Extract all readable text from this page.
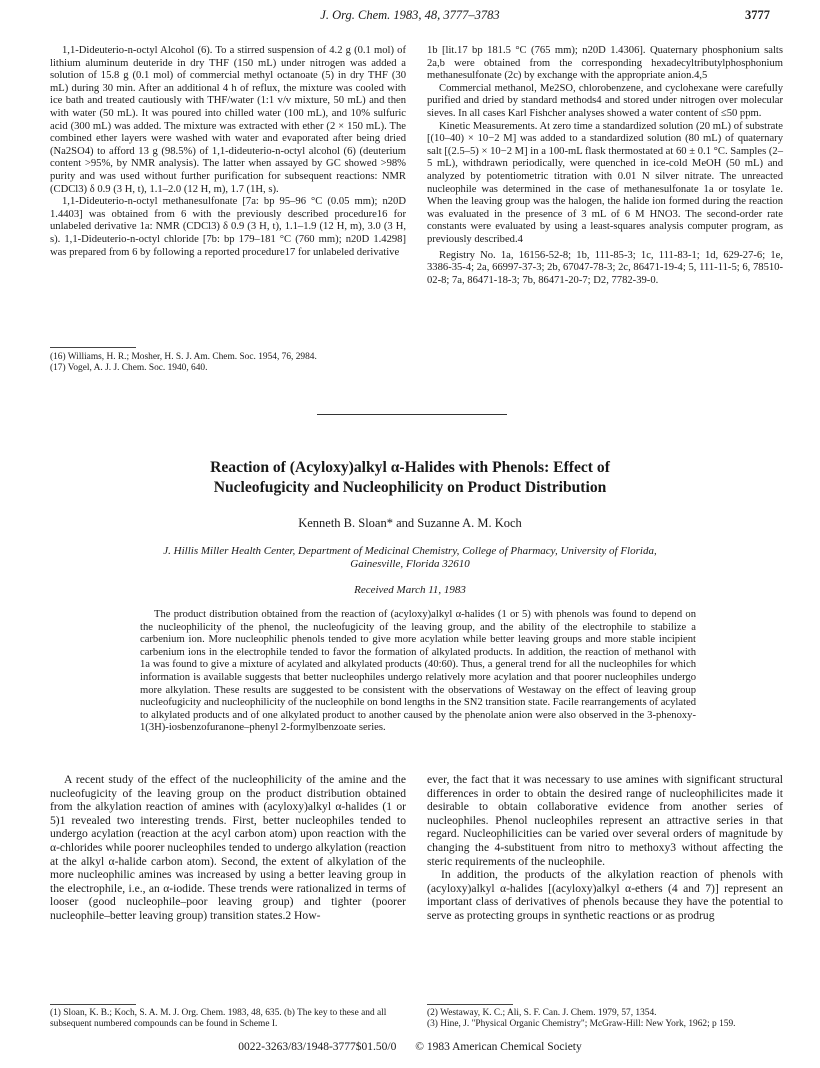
J. Org. Chem. 1983, 48, 3777–3783	3777

1,1-Dideuterio-n-octyl Alcohol (6). To a stirred suspension of 4.2 g (0.1 mol) of lithium aluminum deuteride in dry THF (150 mL) under nitrogen was added a solution of 15.8 g (0.1 mol) of commercial methyl octanoate (5) in dry THF (30 mL) during 30 min. After an additional 4 h of reflux, the mixture was cooled with ice bath and treated cautiously with THF/water (1:1 v/v mixture, 50 mL) and then with water (50 mL). It was poured into chilled water (100 mL), and 10% sulfuric acid (300 mL) was added. The mixture was extracted with ether (2 × 150 mL). The combined ether layers were washed with water and evaporated after being dried (Na2SO4) to afford 13 g (98.5%) of 1,1-dideuterio-n-octyl alcohol (6) (deuterium content >95%, by NMR analysis). The latter when assayed by GC showed >98% purity and was used without further purification for subsequent reactions: NMR (CDCl3) δ 0.9 (3 H, t), 1.1–2.0 (12 H, m), 1.7 (1H, s).

1,1-Dideuterio-n-octyl methanesulfonate [7a: bp 95–96 °C (0.05 mm); n20D 1.4403] was obtained from 6 with the previously described procedure16 for unlabeled derivative 1a: NMR (CDCl3) δ 0.9 (3 H, t), 1.1–1.9 (12 H, m), 3.0 (3 H, s). 1,1-Dideuterio-n-octyl chloride [7b: bp 179–181 °C (760 mm); n20D 1.4298] was prepared from 6 by following a reported procedure17 for unlabeled derivative

(16) Williams, H. R.; Mosher, H. S. J. Am. Chem. Soc. 1954, 76, 2984.
(17) Vogel, A. J. J. Chem. Soc. 1940, 640.

1b [lit.17 bp 181.5 °C (765 mm); n20D 1.4306]. Quaternary phosphonium salts 2a,b were obtained from the corresponding hexadecyltributylphosphonium methanesulfonate (2c) by exchange with the appropriate anion.4,5

Commercial methanol, Me2SO, chlorobenzene, and cyclohexane were carefully purified and dried by standard methods4 and stored under nitrogen over molecular sieves. In all cases Karl Fishcher analyses showed a water content of ≤50 ppm.

Kinetic Measurements. At zero time a standardized solution (20 mL) of substrate [(10–40) × 10−2 M] was added to a standardized solution (80 mL) of quaternary salt [(2.5–5) × 10−2 M] in a 100-mL flask thermostated at 60 ± 0.1 °C. Samples (2–5 mL), withdrawn periodically, were quenched in ice-cold MeOH (50 mL) and analyzed by potentiometric titration with 0.01 N silver nitrate. The unreacted nucleophile was determined in the case of methanesulfonate 1a or tosylate 1e. When the leaving group was the halogen, the halide ion formed during the reaction was evaluated in the presence of 3 mL of 6 M HNO3. The second-order rate constants were evaluated by using a least-squares analysis computer program, as previously described.4

Registry No. 1a, 16156-52-8; 1b, 111-85-3; 1c, 111-83-1; 1d, 629-27-6; 1e, 3386-35-4; 2a, 66997-37-3; 2b, 67047-78-3; 2c, 86471-19-4; 5, 111-11-5; 6, 78510-02-8; 7a, 86471-18-3; 7b, 86471-20-7; D2, 7782-39-0.

Reaction of (Acyloxy)alkyl α-Halides with Phenols: Effect of
Nucleofugicity and Nucleophilicity on Product Distribution
Kenneth B. Sloan* and Suzanne A. M. Koch
J. Hillis Miller Health Center, Department of Medicinal Chemistry, College of Pharmacy, University of Florida,
Gainesville, Florida 32610
Received March 11, 1983
The product distribution obtained from the reaction of (acyloxy)alkyl α-halides (1 or 5) with phenols was found to depend on the nucleophilicity of the phenol, the nucleofugicity of the leaving group, and the ability of the electrophile to stabilize a carbenium ion. More nucleophilic phenols tended to give more acylation while better leaving groups and more stable incipient carbenium ions in the electrophile tended to favor the formation of alkylated products. In addition, the reaction of methanol with 1a was found to give a mixture of acylated and alkylated products (40:60). Thus, a general trend for all the nucleophiles for which information is available suggests that better nucleophiles undergo relatively more acylation and that poorer nucleophiles undergo more alkylation. These results are suggested to be consistent with the observations of Westaway on the effect of leaving group nucleofugicity and nucleophilicity of the nucleophile on bond lengths in the SN2 transition state. Facile rearrangements of acylated to alkylated products and of one alkylated product to another caused by the phenolate anion were also observed in the 3-phenoxy-1(3H)-iosbenzofuranone–phenyl 2-formylbenzoate series.

A recent study of the effect of the nucleophilicity of the amine and the nucleofugicity of the leaving group on the product distribution obtained from the alkylation reaction of amines with (acyloxy)alkyl α-halides (1 or 5)1 revealed two interesting trends. First, better nucleophiles tended to undergo acylation (reaction at the acyl carbon atom) upon reaction with the α-chlorides while poorer nucleophiles tended to undergo alkylation (reaction at the alkyl α-halide carbon atom). Second, the extent of alkylation of the more nucleophilic amines was increased by using a better leaving group in the electrophile, i.e., an α-iodide. These trends were rationalized in terms of looser (good nucleophile–poor leaving group) and tighter (poorer nucleophile–better leaving group) transition states.2 How-

(1) Sloan, K. B.; Koch, S. A. M. J. Org. Chem. 1983, 48, 635. (b) The key to these and all subsequent numbered compounds can be found in Scheme I.

ever, the fact that it was necessary to use amines with significant structural differences in order to obtain the desired range of nucleophilicites made it desirable to obtain collaborative evidence from another series of nucleophiles. Phenol nucleophiles represent an attractive series in that regard. Nucleophilicities can be varied over several orders of magnitude by changing the 4-substituent from nitro to methoxy3 without affecting the steric requirements of the nucleophile.

In addition, the products of the alkylation reaction of phenols with (acyloxy)alkyl α-halides [(acyloxy)alkyl α-ethers (4 and 7)] represent an important class of derivatives of phenols because they have the potential to serve as protecting groups in synthetic reactions or as prodrug

(2) Westaway, K. C.; Ali, S. F. Can. J. Chem. 1979, 57, 1354.
(3) Hine, J. "Physical Organic Chemistry"; McGraw-Hill: New York, 1962; p 159.
0022-3263/83/1948-3777$01.50/0 © 1983 American Chemical Society
